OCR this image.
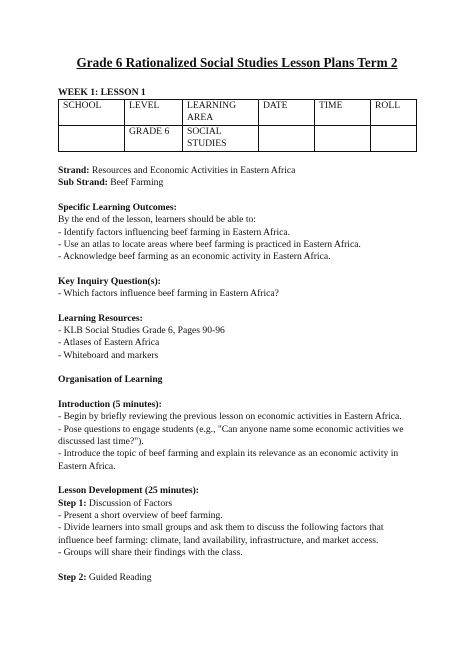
Grade 6 Rationalized Social Studies Lesson Plans Term 2
WEEK 1: LESSON 1
SCHOOL	LEVEL	LEARNING AREA	DATE	TIME	ROLL
	GRADE 6	SOCIAL STUDIES			

Strand: Resources and Economic Activities in Eastern Africa

Sub Strand: Beef Farming

Specific Learning Outcomes:

By the end of the lesson, learners should be able to:

- Identify factors influencing beef farming in Eastern Africa.

- Use an atlas to locate areas where beef farming is practiced in Eastern Africa.

- Acknowledge beef farming as an economic activity in Eastern Africa.

Key Inquiry Question(s):

- Which factors influence beef farming in Eastern Africa?

Learning Resources:

- KLB Social Studies Grade 6, Pages 90-96

- Atlases of Eastern Africa

- Whiteboard and markers

Organisation of Learning

Introduction (5 minutes):

- Begin by briefly reviewing the previous lesson on economic activities in Eastern Africa.

- Pose questions to engage students (e.g., "Can anyone name some economic activities we

discussed last time?").

- Introduce the topic of beef farming and explain its relevance as an economic activity in

Eastern Africa.

Lesson Development (25 minutes):

Step 1: Discussion of Factors

- Present a short overview of beef farming.

- Divide learners into small groups and ask them to discuss the following factors that

influence beef farming: climate, land availability, infrastructure, and market access.

- Groups will share their findings with the class.

Step 2: Guided Reading
